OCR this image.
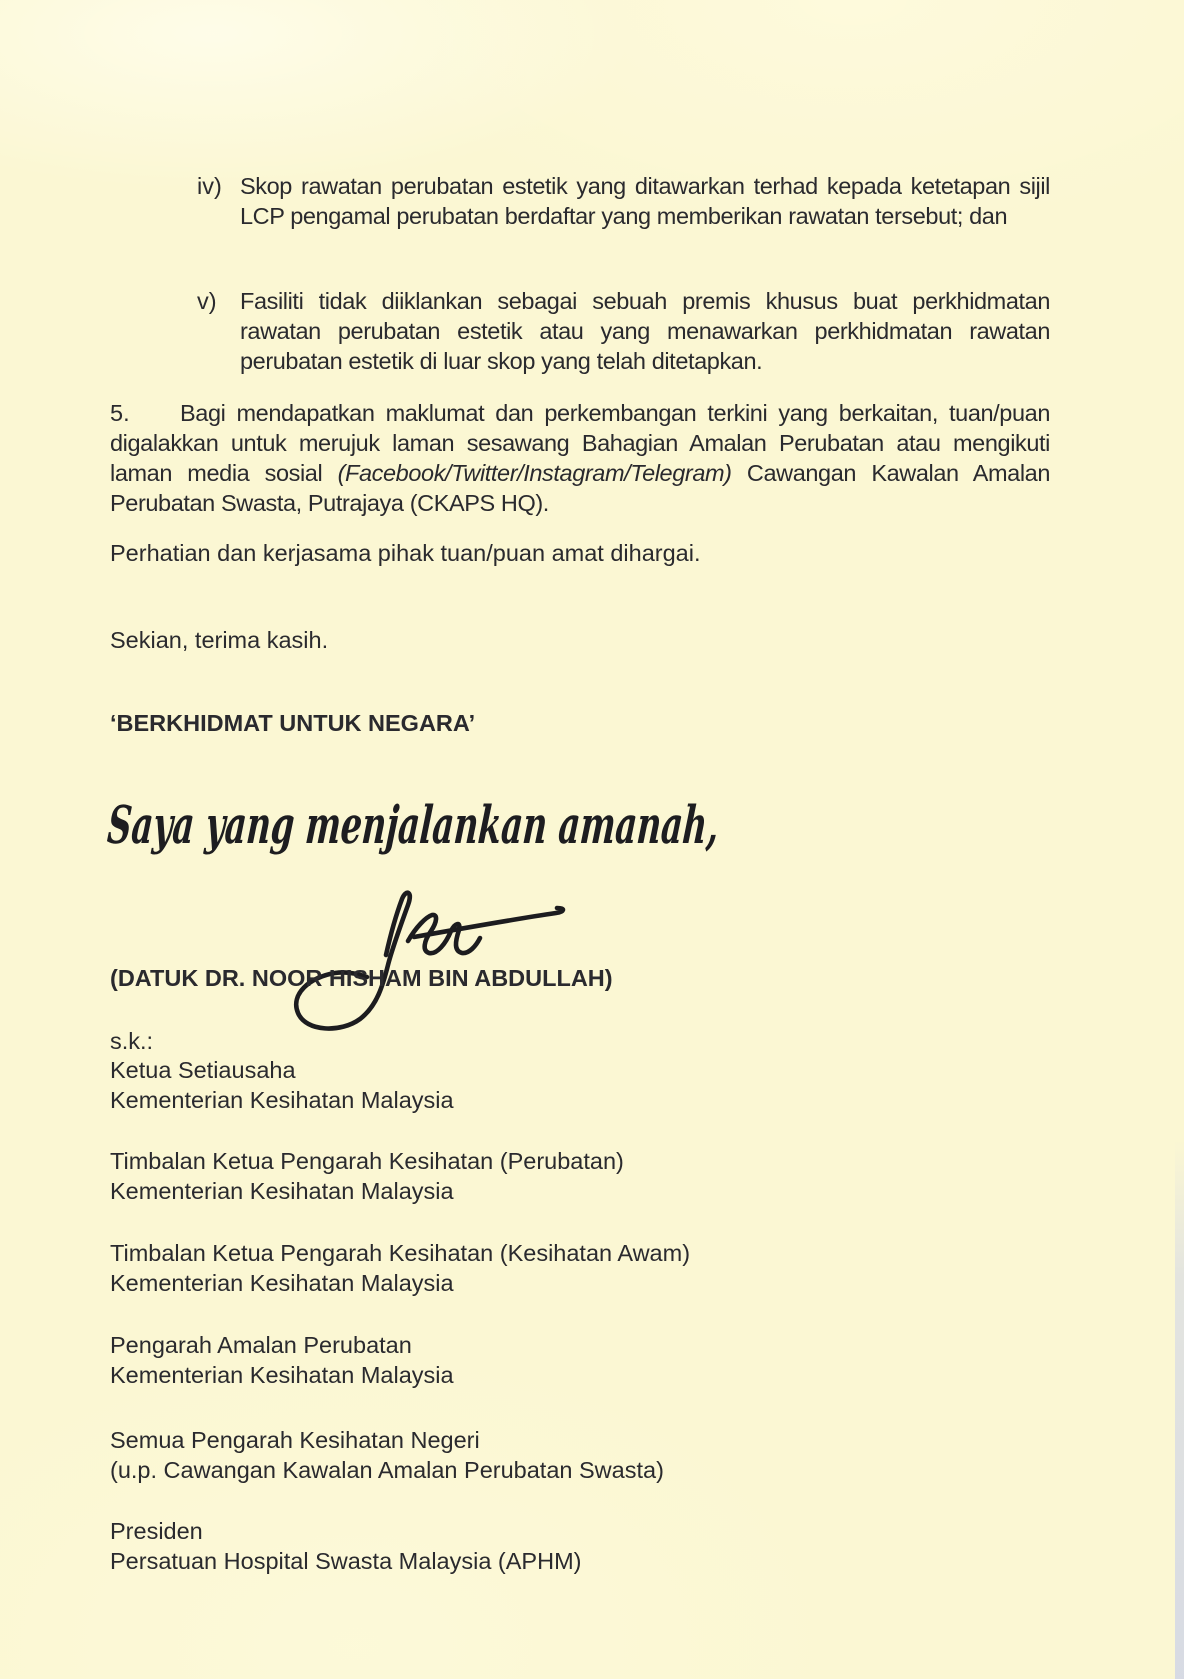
iv) Skop rawatan perubatan estetik yang ditawarkan terhad kepada ketetapan sijil LCP pengamal perubatan berdaftar yang memberikan rawatan tersebut; dan
v) Fasiliti tidak diiklankan sebagai sebuah premis khusus buat perkhidmatan rawatan perubatan estetik atau yang menawarkan perkhidmatan rawatan perubatan estetik di luar skop yang telah ditetapkan.
5. Bagi mendapatkan maklumat dan perkembangan terkini yang berkaitan, tuan/puan digalakkan untuk merujuk laman sesawang Bahagian Amalan Perubatan atau mengikuti laman media sosial (Facebook/Twitter/Instagram/Telegram) Cawangan Kawalan Amalan Perubatan Swasta, Putrajaya (CKAPS HQ).
Perhatian dan kerjasama pihak tuan/puan amat dihargai.
Sekian, terima kasih.
‘BERKHIDMAT UNTUK NEGARA’
Saya yang menjalankan amanah,
(DATUK DR. NOOR HISHAM BIN ABDULLAH)
s.k.:
Ketua Setiausaha
Kementerian Kesihatan Malaysia
Timbalan Ketua Pengarah Kesihatan (Perubatan)
Kementerian Kesihatan Malaysia
Timbalan Ketua Pengarah Kesihatan (Kesihatan Awam)
Kementerian Kesihatan Malaysia
Pengarah Amalan Perubatan
Kementerian Kesihatan Malaysia
Semua Pengarah Kesihatan Negeri
(u.p. Cawangan Kawalan Amalan Perubatan Swasta)
Presiden
Persatuan Hospital Swasta Malaysia (APHM)
